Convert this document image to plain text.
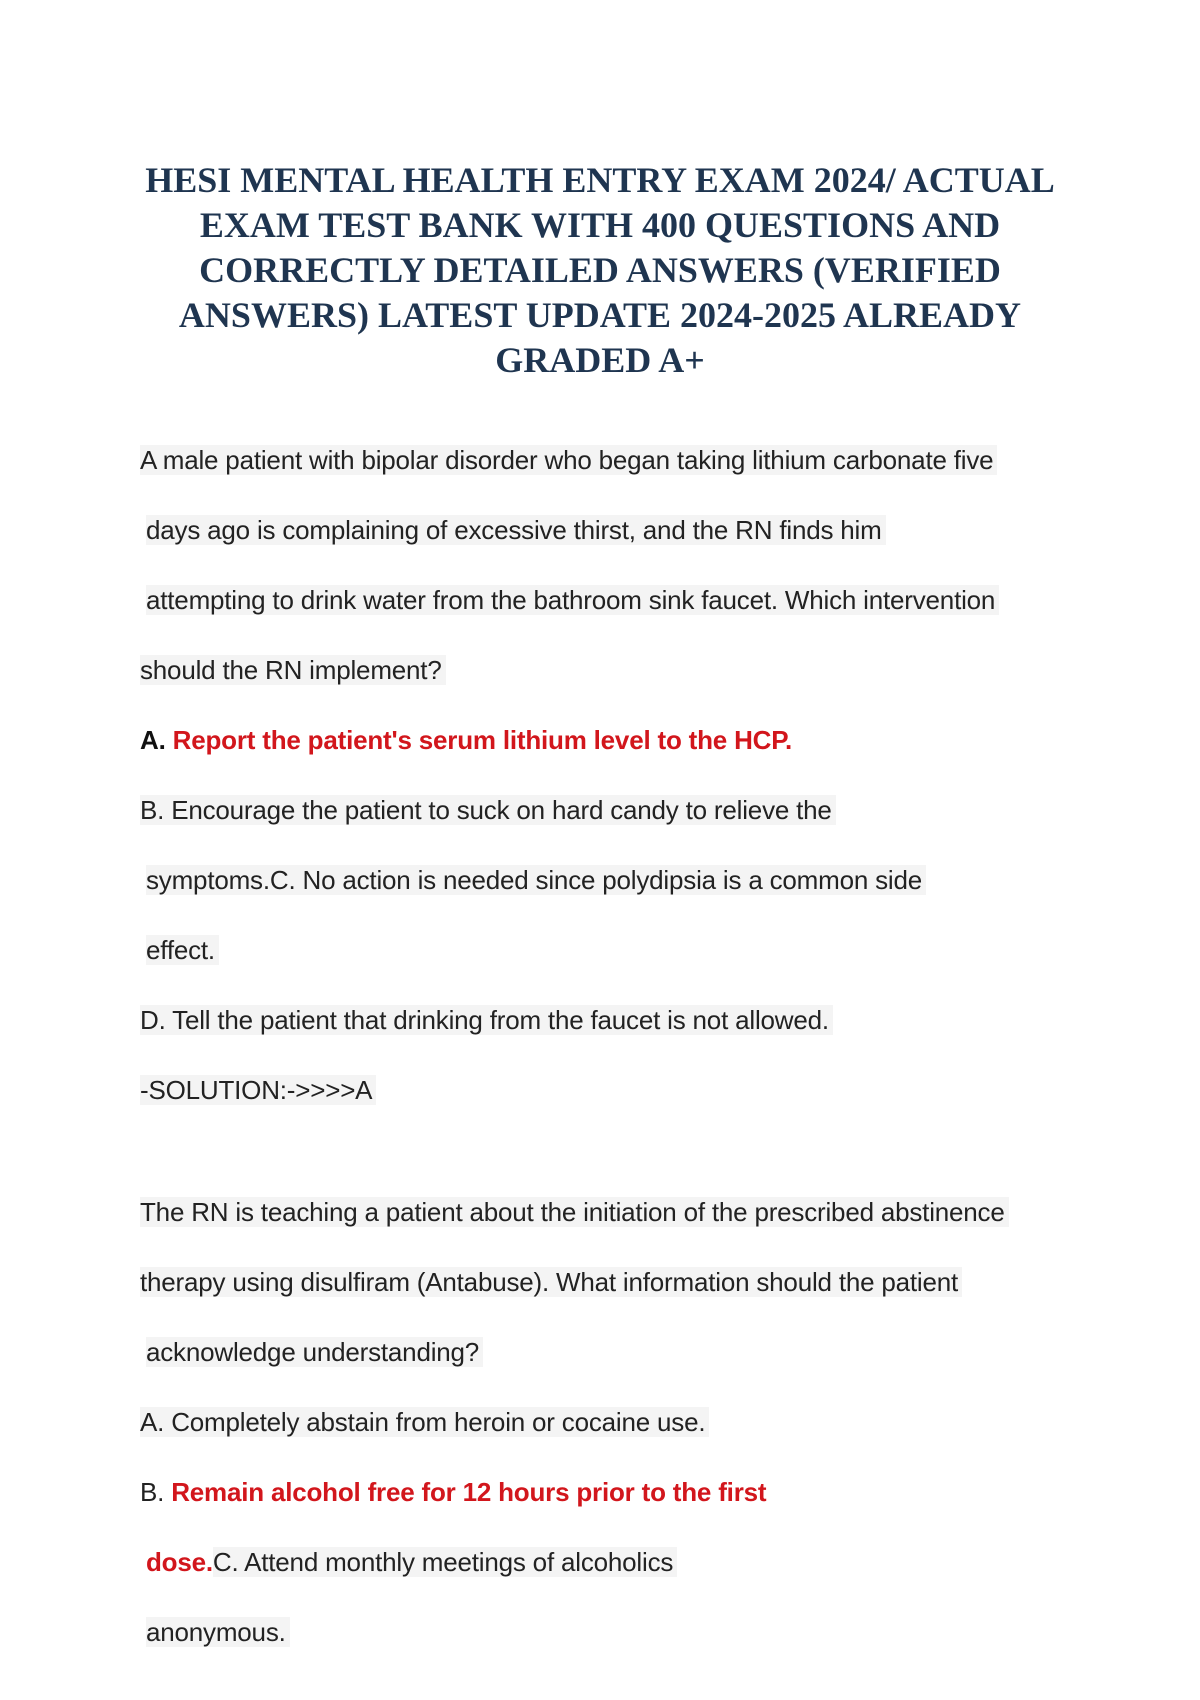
HESI MENTAL HEALTH ENTRY EXAM 2024/ ACTUAL EXAM TEST BANK WITH 400 QUESTIONS AND CORRECTLY DETAILED ANSWERS (VERIFIED ANSWERS) LATEST UPDATE 2024-2025 ALREADY GRADED A+
A male patient with bipolar disorder who began taking lithium carbonate five
days ago is complaining of excessive thirst, and the RN finds him
attempting to drink water from the bathroom sink faucet. Which intervention
should the RN implement?
A. Report the patient's serum lithium level to the HCP.
B. Encourage the patient to suck on hard candy to relieve the
symptoms.C. No action is needed since polydipsia is a common side
effect.
D. Tell the patient that drinking from the faucet is not allowed.
-SOLUTION:->>>>A
The RN is teaching a patient about the initiation of the prescribed abstinence
therapy using disulfiram (Antabuse). What information should the patient
acknowledge understanding?
A. Completely abstain from heroin or cocaine use.
B. Remain alcohol free for 12 hours prior to the first
dose.C. Attend monthly meetings of alcoholics
anonymous.
